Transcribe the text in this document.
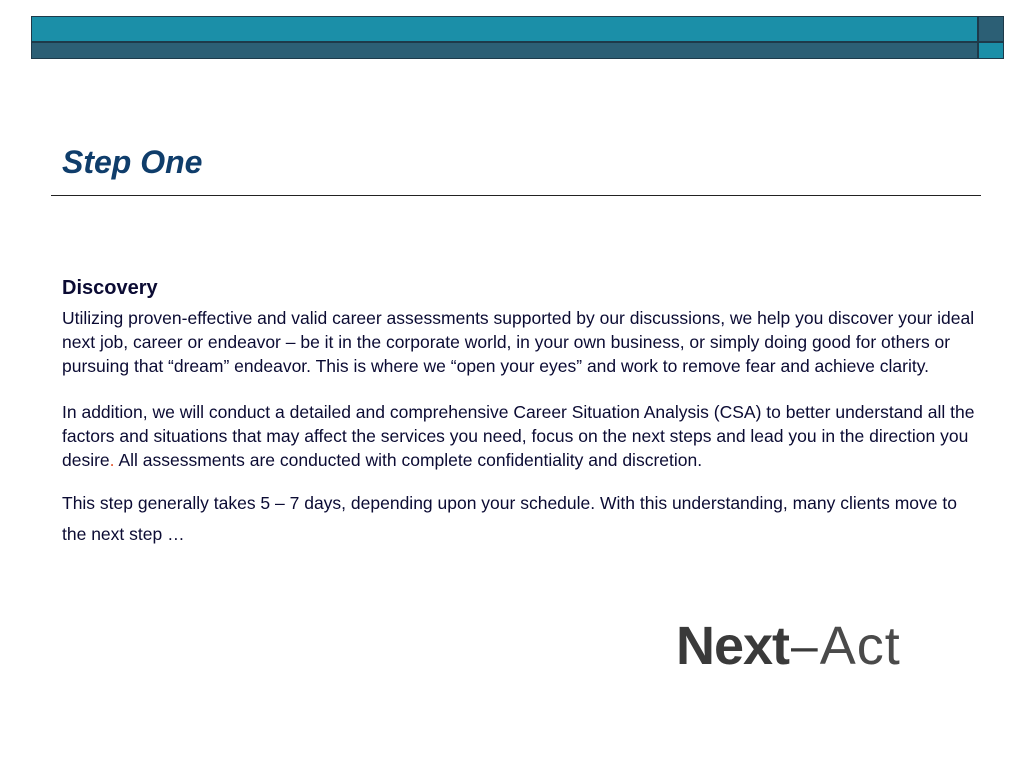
Step One
Discovery

Utilizing proven-effective and valid career assessments supported by our discussions, we help you discover your ideal next job, career or endeavor – be it in the corporate world, in your own business, or simply doing good for others or pursuing that “dream” endeavor. This is where we “open your eyes” and work to remove fear and achieve clarity.

In addition, we will conduct a detailed and comprehensive Career Situation Analysis (CSA) to better understand all the factors and situations that may affect the services you need, focus on the next steps and lead you in the direction you desire. All assessments are conducted with complete confidentiality and discretion.

This step generally takes 5 – 7 days, depending upon your schedule. With this understanding, many clients move to the next step …

Next – Act
